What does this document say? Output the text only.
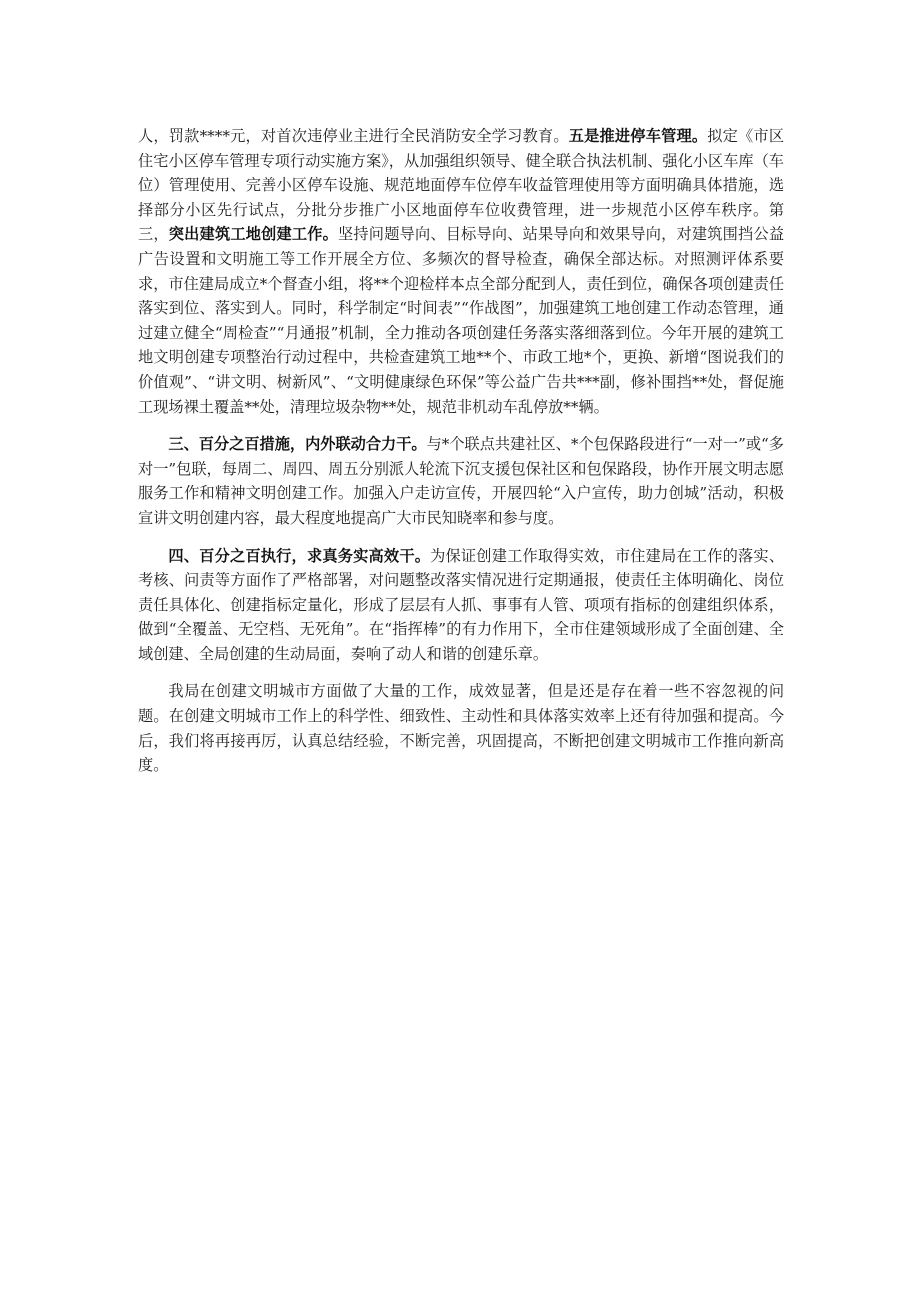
人，罚款****元，对首次违停业主进行全民消防安全学习教育。五是推进停车管理。拟定《市区住宅小区停车管理专项行动实施方案》，从加强组织领导、健全联合执法机制、强化小区车库（车位）管理使用、完善小区停车设施、规范地面停车位停车收益管理使用等方面明确具体措施，选择部分小区先行试点，分批分步推广小区地面停车位收费管理，进一步规范小区停车秩序。第三，突出建筑工地创建工作。坚持问题导向、目标导向、站果导向和效果导向，对建筑围挡公益广告设置和文明施工等工作开展全方位、多频次的督导检查，确保全部达标。对照测评体系要求，市住建局成立*个督查小组，将**个迎检样本点全部分配到人，责任到位，确保各项创建责任落实到位、落实到人。同时，科学制定“时间表”“作战图”，加强建筑工地创建工作动态管理，通过建立健全“周检查”“月通报”机制，全力推动各项创建任务落实落细落到位。今年开展的建筑工地文明创建专项整治行动过程中，共检查建筑工地**个、市政工地*个，更换、新增“图说我们的价值观”、“讲文明、树新风”、“文明健康绿色环保”等公益广告共***副，修补围挡**处，督促施工现场裸土覆盖**处，清理垃圾杂物**处，规范非机动车乱停放**辆。

三、百分之百措施，内外联动合力干。与*个联点共建社区、*个包保路段进行“一对一”或“多对一”包联，每周二、周四、周五分别派人轮流下沉支援包保社区和包保路段，协作开展文明志愿服务工作和精神文明创建工作。加强入户走访宣传，开展四轮“入户宣传，助力创城”活动，积极宣讲文明创建内容，最大程度地提高广大市民知晓率和参与度。

四、百分之百执行，求真务实高效干。为保证创建工作取得实效，市住建局在工作的落实、考核、问责等方面作了严格部署，对问题整改落实情况进行定期通报，使责任主体明确化、岗位责任具体化、创建指标定量化，形成了层层有人抓、事事有人管、项项有指标的创建组织体系，做到“全覆盖、无空档、无死角”。在“指挥棒”的有力作用下，全市住建领域形成了全面创建、全域创建、全局创建的生动局面，奏响了动人和谐的创建乐章。

我局在创建文明城市方面做了大量的工作，成效显著，但是还是存在着一些不容忽视的问题。在创建文明城市工作上的科学性、细致性、主动性和具体落实效率上还有待加强和提高。今后，我们将再接再厉，认真总结经验，不断完善，巩固提高，不断把创建文明城市工作推向新高度。
